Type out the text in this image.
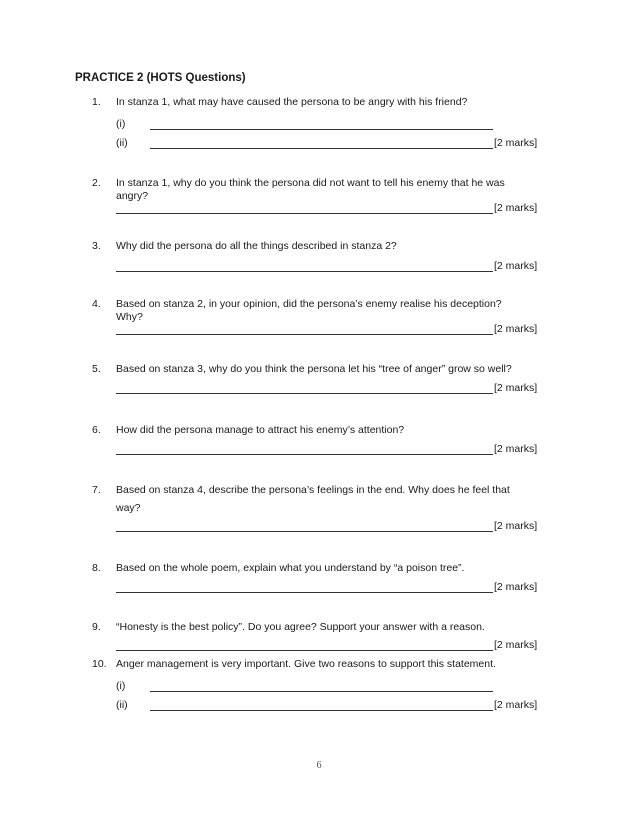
PRACTICE 2 (HOTS Questions)
1. In stanza 1, what may have caused the persona to be angry with his friend?
(i)
(ii)	[2 marks]
2. In stanza 1, why do you think the persona did not want to tell his enemy that he was
angry?
[2 marks]
3. Why did the persona do all the things described in stanza 2?
[2 marks]
4. Based on stanza 2, in your opinion, did the persona’s enemy realise his deception?
Why?
[2 marks]
5. Based on stanza 3, why do you think the persona let his “tree of anger” grow so well?
[2 marks]
6. How did the persona manage to attract his enemy’s attention?
[2 marks]
7. Based on stanza 4, describe the persona’s feelings in the end. Why does he feel that
way?
[2 marks]
8. Based on the whole poem, explain what you understand by “a poison tree”.
[2 marks]
9. “Honesty is the best policy”. Do you agree? Support your answer with a reason.
[2 marks]
10. Anger management is very important. Give two reasons to support this statement.
(i)
(ii)	[2 marks]
6
